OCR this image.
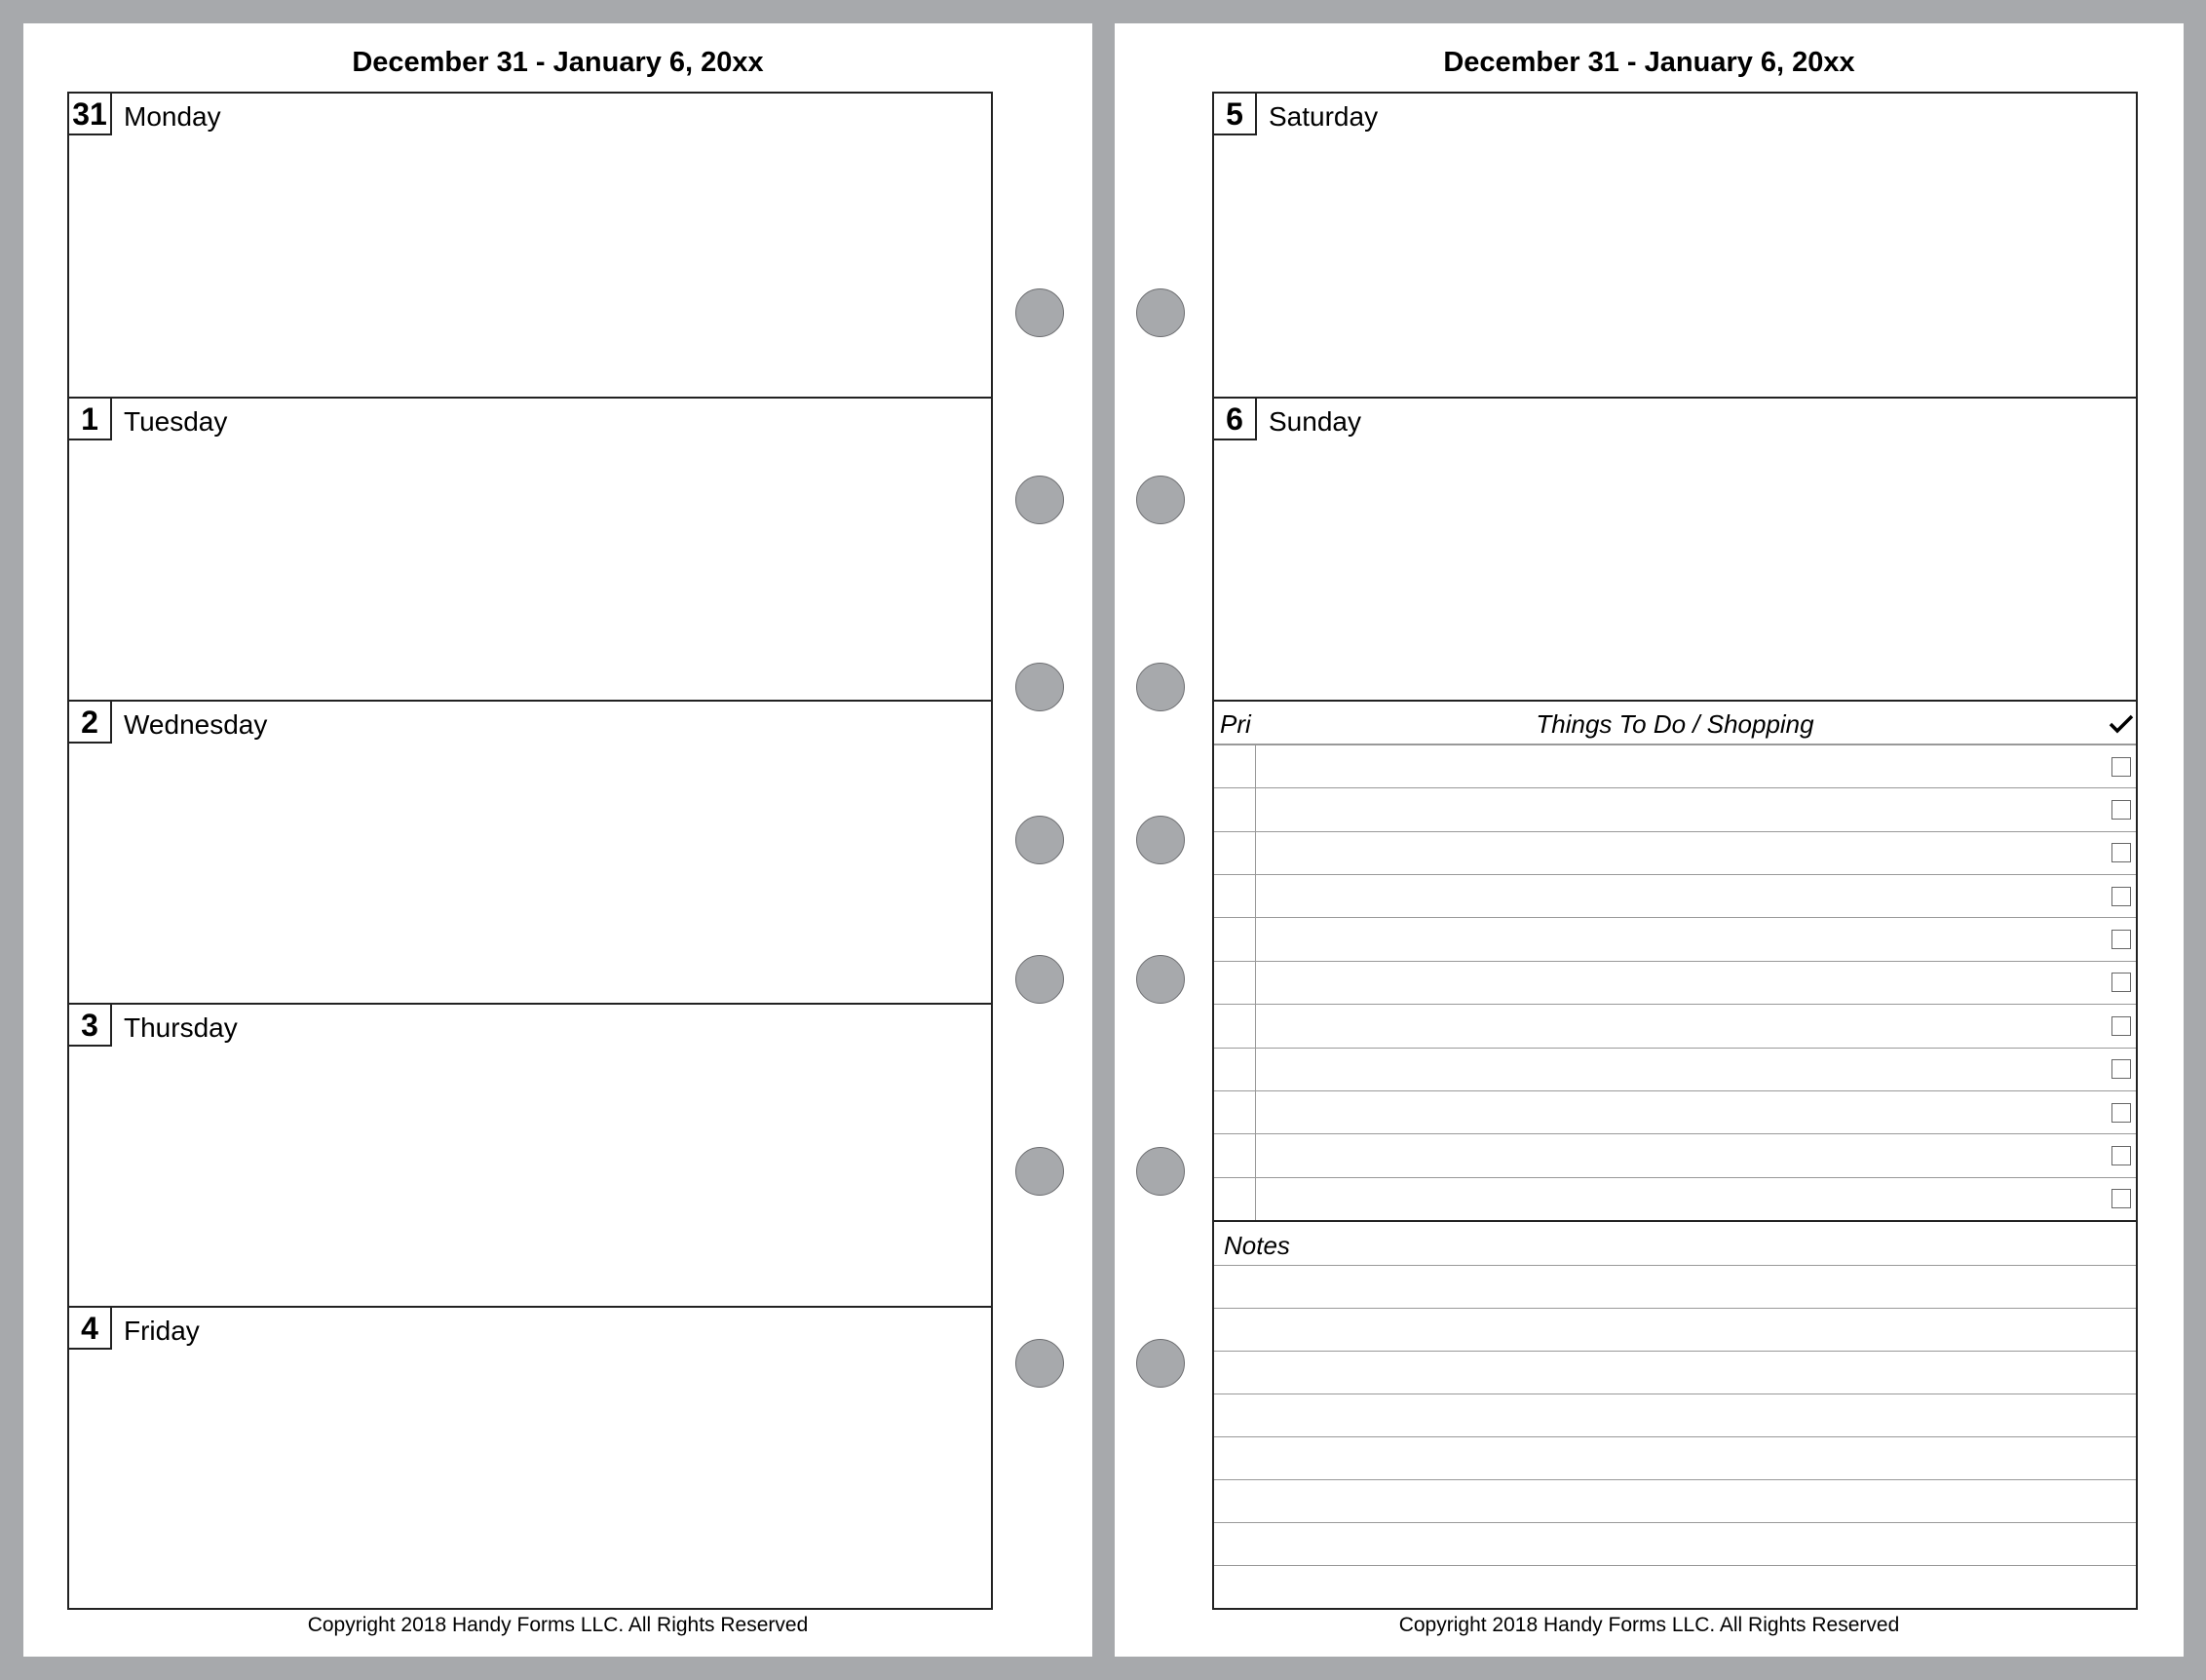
December 31 - January 6, 20xx
31 Monday
1 Tuesday
2 Wednesday
3 Thursday
4 Friday
Copyright 2018 Handy Forms LLC. All Rights Reserved
December 31 - January 6, 20xx
5 Saturday
6 Sunday
Pri	Things To Do / Shopping
Notes
Copyright 2018 Handy Forms LLC. All Rights Reserved
